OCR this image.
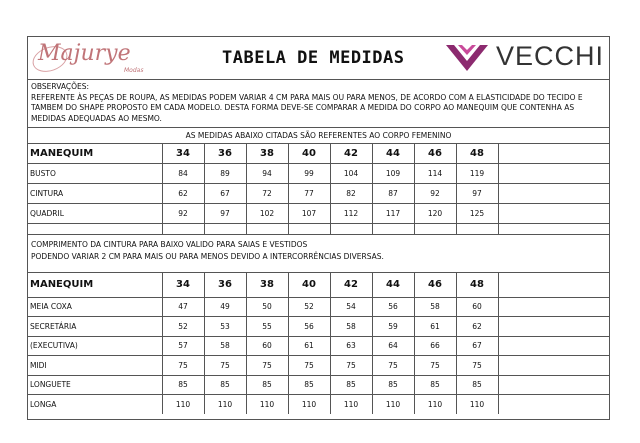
Majurye
Modas
TABELA DE MEDIDAS	VECCHI

OBSERVAÇÕES:

REFERENTE ÀS PEÇAS DE ROUPA, AS MEDIDAS PODEM VARIAR 4 CM PARA MAIS OU PARA MENOS, DE ACORDO COM A ELASTICIDADE DO TECIDO E TAMBEM DO SHAPE PROPOSTO EM CADA MODELO. DESTA FORMA DEVE-SE COMPARAR A MEDIDA DO CORPO AO MANEQUIM QUE CONTENHA AS MEDIDAS ADEQUADAS AO MESMO.

AS MEDIDAS ABAIXO CITADAS SÃO REFERENTES AO CORPO FEMENINO
MANEQUIM	34	36	38	40	42	44	46	48	
BUSTO	84	89	94	99	104	109	114	119	
CINTURA	62	67	72	77	82	87	92	97	
QUADRIL	92	97	102	107	112	117	120	125	

COMPRIMENTO DA CINTURA PARA BAIXO VALIDO PARA SAIAS E VESTIDOS

PODENDO VARIAR 2 CM PARA MAIS OU PARA MENOS DEVIDO A INTERCORRÊNCIAS DIVERSAS.

MANEQUIM	34	36	38	40	42	44	46	48	
MEIA COXA	47	49	50	52	54	56	58	60	
SECRETÁRIA	52	53	55	56	58	59	61	62	
(EXECUTIVA)	57	58	60	61	63	64	66	67	
MIDI	75	75	75	75	75	75	75	75	
LONGUETE	85	85	85	85	85	85	85	85	
LONGA	110	110	110	110	110	110	110	110	
